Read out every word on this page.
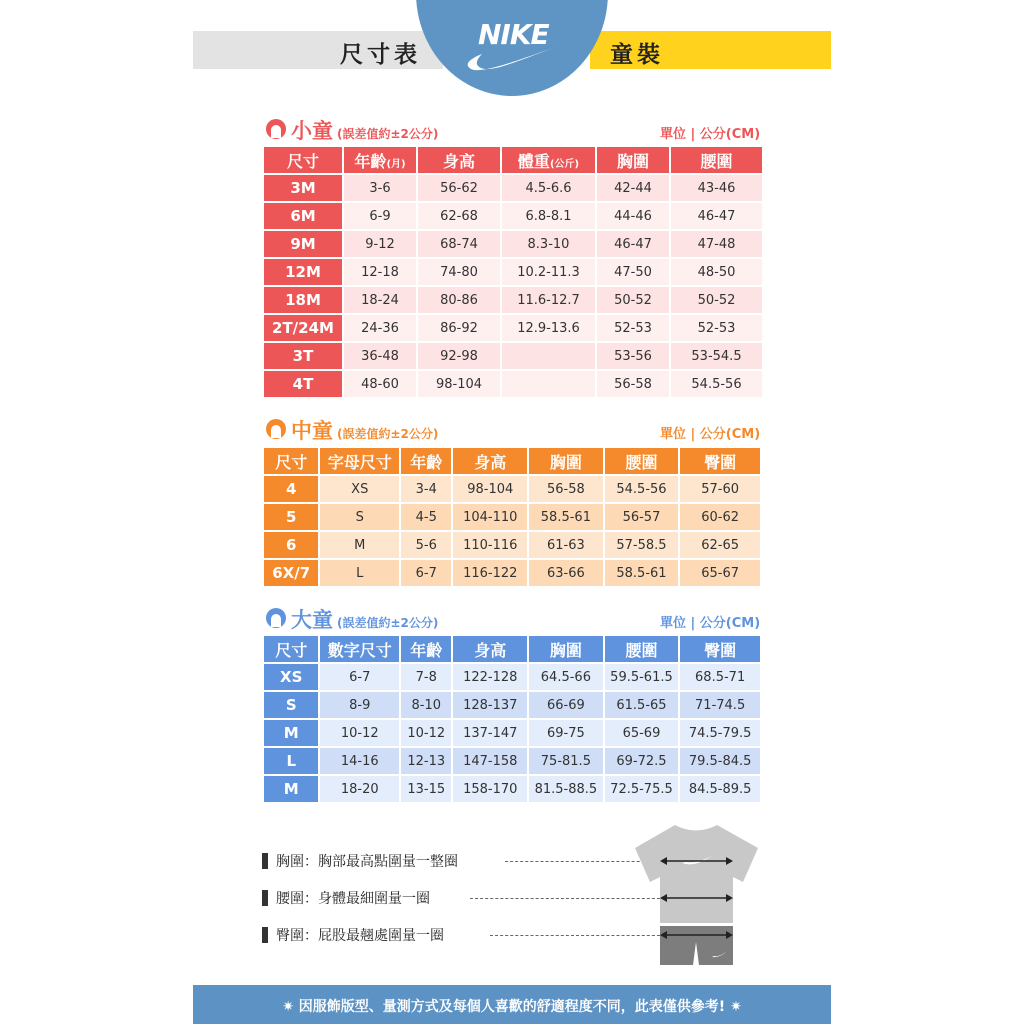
尺寸表	童裝
NIKE
小童 (誤差值約±2公分)	單位 | 公分(CM)
尺寸	年齡(月)	身高	體重(公斤)	胸圍	腰圍
3M	3-6	56-62	4.5-6.6	42-44	43-46
6M	6-9	62-68	6.8-8.1	44-46	46-47
9M	9-12	68-74	8.3-10	46-47	47-48
12M	12-18	74-80	10.2-11.3	47-50	48-50
18M	18-24	80-86	11.6-12.7	50-52	50-52
2T/24M	24-36	86-92	12.9-13.6	52-53	52-53
3T	36-48	92-98		53-56	53-54.5
4T	48-60	98-104		56-58	54.5-56
中童 (誤差值約±2公分)	單位 | 公分(CM)
尺寸	字母尺寸	年齡	身高	胸圍	腰圍	臀圍
4	XS	3-4	98-104	56-58	54.5-56	57-60
5	S	4-5	104-110	58.5-61	56-57	60-62
6	M	5-6	110-116	61-63	57-58.5	62-65
6X/7	L	6-7	116-122	63-66	58.5-61	65-67
大童 (誤差值約±2公分)	單位 | 公分(CM)
尺寸	數字尺寸	年齡	身高	胸圍	腰圍	臀圍
XS	6-7	7-8	122-128	64.5-66	59.5-61.5	68.5-71
S	8-9	8-10	128-137	66-69	61.5-65	71-74.5
M	10-12	10-12	137-147	69-75	65-69	74.5-79.5
L	14-16	12-13	147-158	75-81.5	69-72.5	79.5-84.5
M	18-20	13-15	158-170	81.5-88.5	72.5-75.5	84.5-89.5
胸圍：胸部最高點圍量一整圈
腰圍：身體最細圍量一圈
臀圍：屁股最翹處圍量一圈
✷ 因服飾版型、量測方式及每個人喜歡的舒適程度不同，此表僅供參考! ✷
